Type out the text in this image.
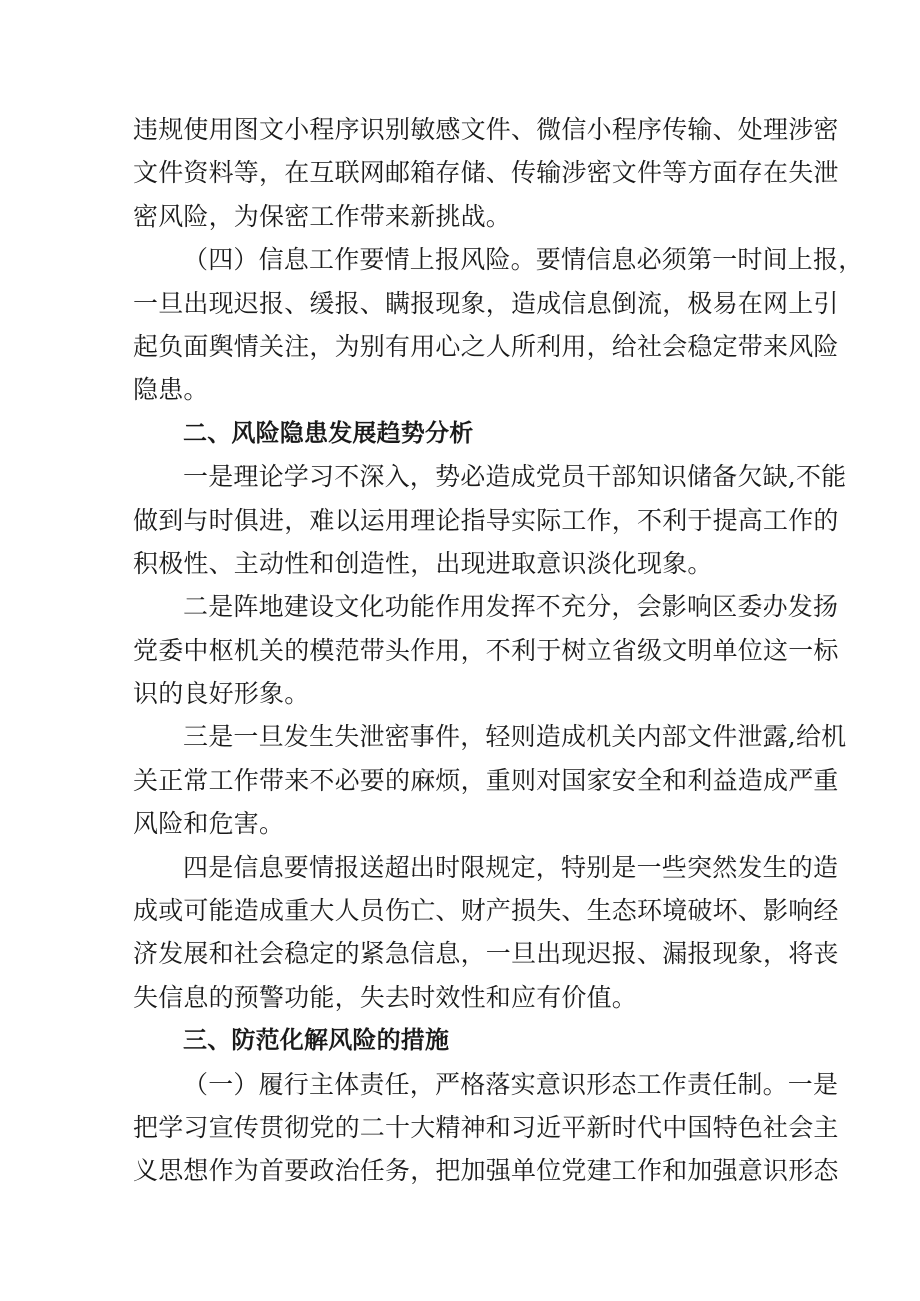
违规使用图文小程序识别敏感文件、微信小程序传输、处理涉密
文件资料等，在互联网邮箱存储、传输涉密文件等方面存在失泄
密风险，为保密工作带来新挑战。
（四）信息工作要情上报风险。要情信息必须第一时间上报，
一旦出现迟报、缓报、瞒报现象，造成信息倒流，极易在网上引
起负面舆情关注，为别有用心之人所利用，给社会稳定带来风险
隐患。
二、风险隐患发展趋势分析
一是理论学习不深入，势必造成党员干部知识储备欠缺,不能
做到与时俱进，难以运用理论指导实际工作，不利于提高工作的
积极性、主动性和创造性，出现进取意识淡化现象。
二是阵地建设文化功能作用发挥不充分，会影响区委办发扬
党委中枢机关的模范带头作用，不利于树立省级文明单位这一标
识的良好形象。
三是一旦发生失泄密事件，轻则造成机关内部文件泄露,给机
关正常工作带来不必要的麻烦，重则对国家安全和利益造成严重
风险和危害。
四是信息要情报送超出时限规定，特别是一些突然发生的造
成或可能造成重大人员伤亡、财产损失、生态环境破坏、影响经
济发展和社会稳定的紧急信息，一旦出现迟报、漏报现象，将丧
失信息的预警功能，失去时效性和应有价值。
三、防范化解风险的措施
（一）履行主体责任，严格落实意识形态工作责任制。一是
把学习宣传贯彻党的二十大精神和习近平新时代中国特色社会主
义思想作为首要政治任务，把加强单位党建工作和加强意识形态
